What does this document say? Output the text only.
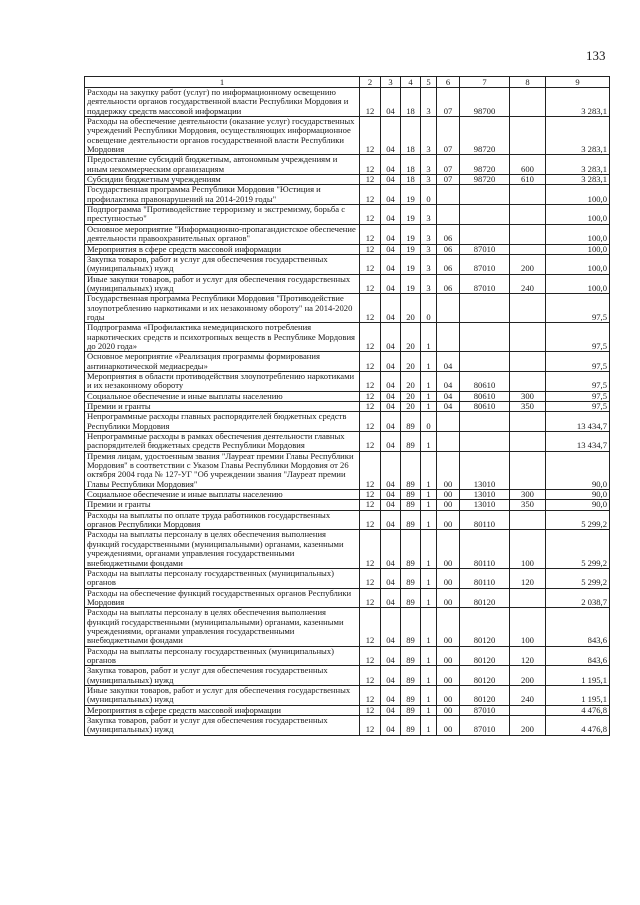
133
1	2	3	4	5	6	7	8	9
Расходы на закупку работ (услуг) по информационному освещению деятельности органов государственной власти Республики Мордовия и поддержку средств массовой информации	12	04	18	3	07	98700		3 283,1
Расходы на обеспечение деятельности (оказание услуг) государственных учреждений Республики Мордовия, осуществляющих информационное освещение деятельности органов государственной власти Республики Мордовия	12	04	18	3	07	98720		3 283,1
Предоставление субсидий бюджетным, автономным учреждениям и иным некоммерческим организациям	12	04	18	3	07	98720	600	3 283,1
Субсидии бюджетным учреждениям	12	04	18	3	07	98720	610	3 283,1
Государственная программа Республики Мордовия "Юстиция и профилактика правонарушений на 2014-2019 годы"	12	04	19	0				100,0
Подпрограмма "Противодействие терроризму и экстремизму, борьба с преступностью"	12	04	19	3				100,0
Основное мероприятие "Информационно-пропагандистское обеспечение деятельности правоохранительных органов"	12	04	19	3	06			100,0
Мероприятия в сфере средств массовой информации	12	04	19	3	06	87010		100,0
Закупка товаров, работ и услуг для обеспечения государственных (муниципальных) нужд	12	04	19	3	06	87010	200	100,0
Иные закупки товаров, работ и услуг для обеспечения государственных (муниципальных) нужд	12	04	19	3	06	87010	240	100,0
Государственная программа Республики Мордовия "Противодействие злоупотреблению наркотиками и их незаконному обороту" на 2014-2020 годы	12	04	20	0				97,5
Подпрограмма «Профилактика немедицинского потребления наркотических средств и психотропных веществ в Республике Мордовия до 2020 года»	12	04	20	1				97,5
Основное мероприятие «Реализация программы формирования антинаркотической медиасреды»	12	04	20	1	04			97,5
Мероприятия в области противодействия злоупотреблению наркотиками и их незаконному обороту	12	04	20	1	04	80610		97,5
Социальное обеспечение и иные выплаты населению	12	04	20	1	04	80610	300	97,5
Премии и гранты	12	04	20	1	04	80610	350	97,5
Непрограммные расходы главных распорядителей бюджетных средств Республики Мордовия	12	04	89	0				13 434,7
Непрограммные расходы в рамках обеспечения деятельности главных распорядителей бюджетных средств Республики Мордовия	12	04	89	1				13 434,7
Премия лицам, удостоенным звания "Лауреат премии Главы Республики Мордовия" в соответствии с Указом Главы Республики Мордовия от 26 октября 2004 года № 127-УГ "Об учреждении звания "Лауреат премии Главы Республики Мордовия"	12	04	89	1	00	13010		90,0
Социальное обеспечение и иные выплаты населению	12	04	89	1	00	13010	300	90,0
Премии и гранты	12	04	89	1	00	13010	350	90,0
Расходы на выплаты по оплате труда работников государственных органов Республики Мордовия	12	04	89	1	00	80110		5 299,2
Расходы на выплаты персоналу в целях обеспечения выполнения функций государственными (муниципальными) органами, казенными учреждениями, органами управления государственными внебюджетными фондами	12	04	89	1	00	80110	100	5 299,2
Расходы на выплаты персоналу государственных (муниципальных) органов	12	04	89	1	00	80110	120	5 299,2
Расходы на обеспечение функций государственных органов Республики Мордовия	12	04	89	1	00	80120		2 038,7
Расходы на выплаты персоналу в целях обеспечения выполнения функций государственными (муниципальными) органами, казенными учреждениями, органами управления государственными внебюджетными фондами	12	04	89	1	00	80120	100	843,6
Расходы на выплаты персоналу государственных (муниципальных) органов	12	04	89	1	00	80120	120	843,6
Закупка товаров, работ и услуг для обеспечения государственных (муниципальных) нужд	12	04	89	1	00	80120	200	1 195,1
Иные закупки товаров, работ и услуг для обеспечения государственных (муниципальных) нужд	12	04	89	1	00	80120	240	1 195,1
Мероприятия в сфере средств массовой информации	12	04	89	1	00	87010		4 476,8
Закупка товаров, работ и услуг для обеспечения государственных (муниципальных) нужд	12	04	89	1	00	87010	200	4 476,8
